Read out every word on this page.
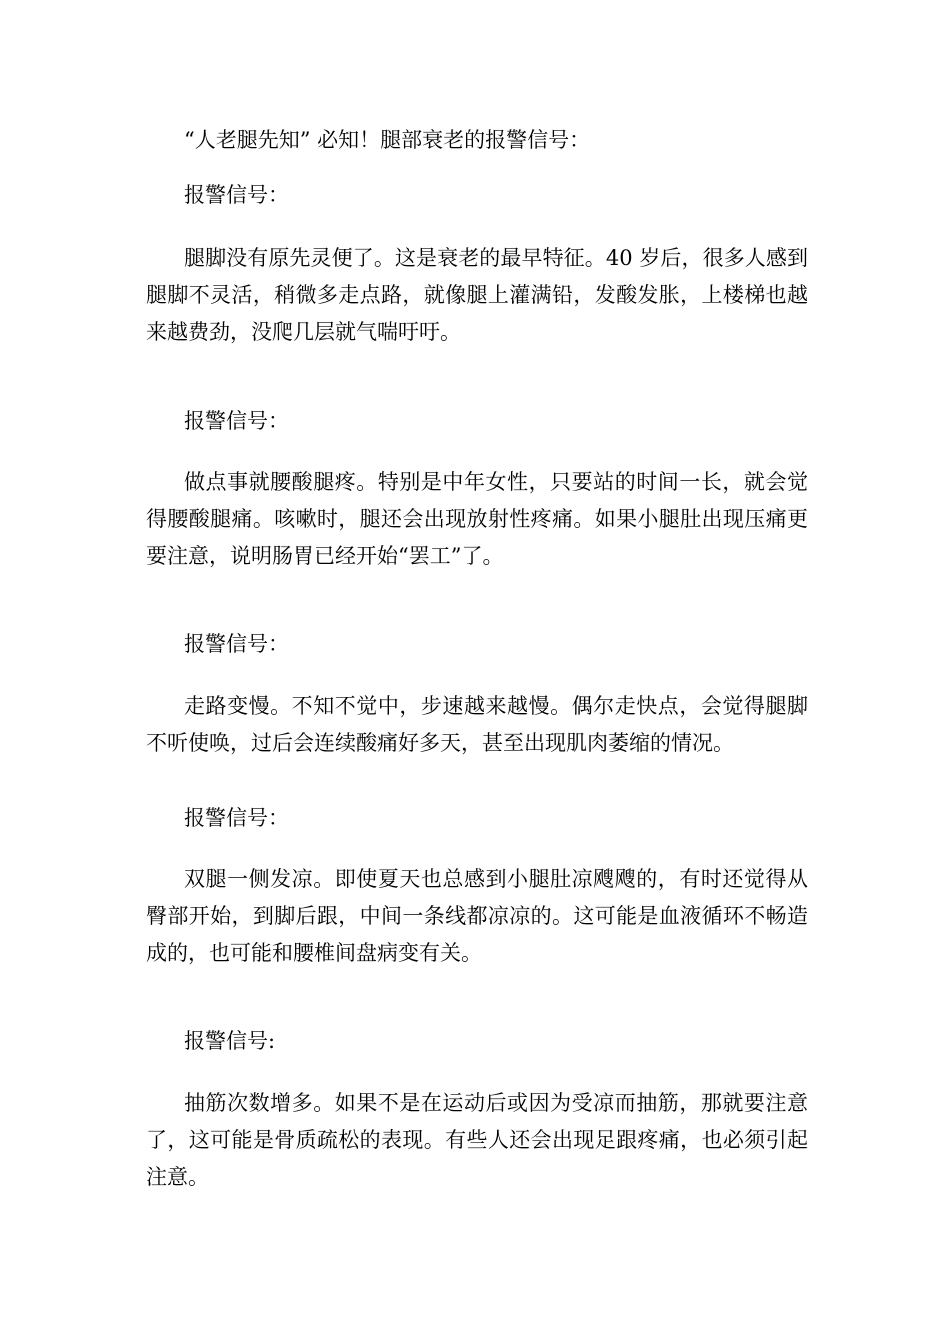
“人老腿先知” 必知！腿部衰老的报警信号：

报警信号：

腿脚没有原先灵便了。这是衰老的最早特征。40 岁后，很多人感到腿脚不灵活，稍微多走点路，就像腿上灌满铅，发酸发胀，上楼梯也越来越费劲，没爬几层就气喘吁吁。

报警信号：

做点事就腰酸腿疼。特别是中年女性，只要站的时间一长，就会觉得腰酸腿痛。咳嗽时，腿还会出现放射性疼痛。如果小腿肚出现压痛更要注意，说明肠胃已经开始“罢工”了。

报警信号：

走路变慢。不知不觉中，步速越来越慢。偶尔走快点，会觉得腿脚不听使唤，过后会连续酸痛好多天，甚至出现肌肉萎缩的情况。

报警信号：

双腿一侧发凉。即使夏天也总感到小腿肚凉飕飕的，有时还觉得从臀部开始，到脚后跟，中间一条线都凉凉的。这可能是血液循环不畅造成的，也可能和腰椎间盘病变有关。

报警信号:

抽筋次数增多。如果不是在运动后或因为受凉而抽筋，那就要注意了，这可能是骨质疏松的表现。有些人还会出现足跟疼痛，也必须引起注意。
